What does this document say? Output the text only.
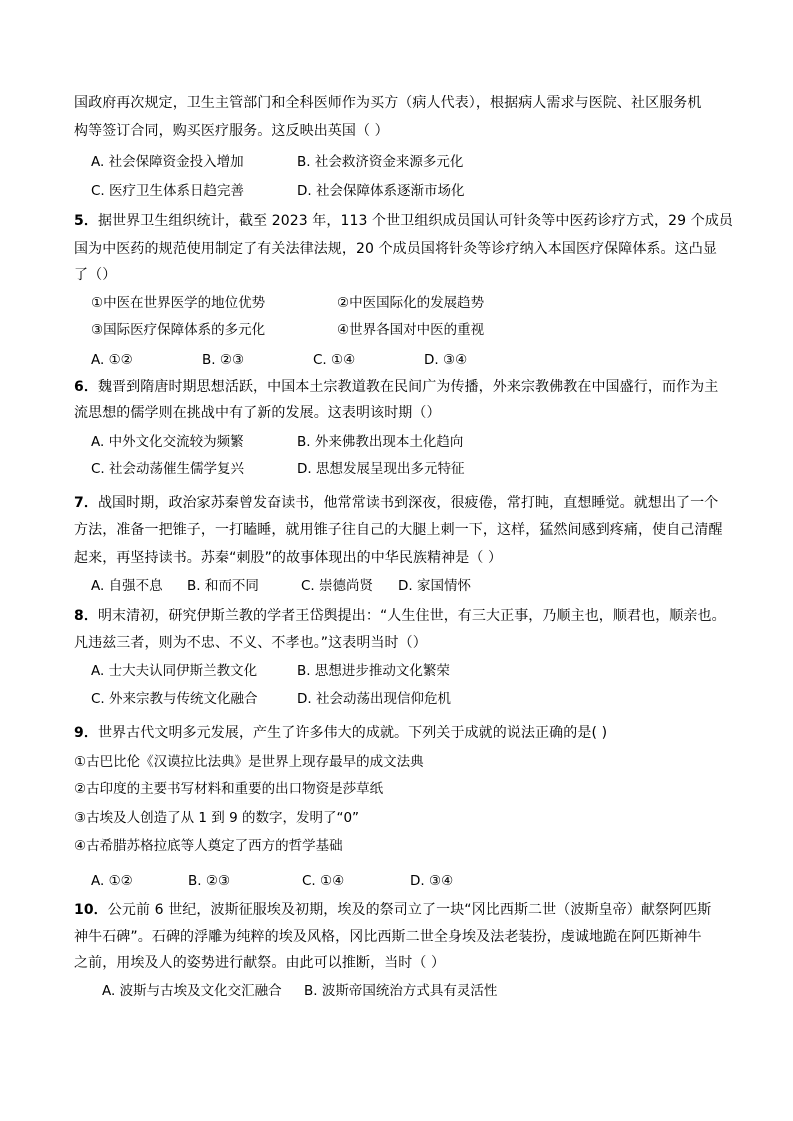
国政府再次规定，卫生主管部门和全科医师作为买方（病人代表），根据病人需求与医院、社区服务机
构等签订合同，购买医疗服务。这反映出英国（ ）
A. 社会保障资金投入增加	B. 社会救济资金来源多元化
C. 医疗卫生体系日趋完善	D. 社会保障体系逐渐市场化
5．据世界卫生组织统计，截至 2023 年，113 个世卫组织成员国认可针灸等中医药诊疗方式，29 个成员
国为中医药的规范使用制定了有关法律法规，20 个成员国将针灸等诊疗纳入本国医疗保障体系。这凸显
了（）
①中医在世界医学的地位优势	②中医国际化的发展趋势
③国际医疗保障体系的多元化	④世界各国对中医的重视
A. ①②	B. ②③	C. ①④	D. ③④
6．魏晋到隋唐时期思想活跃，中国本土宗教道教在民间广为传播，外来宗教佛教在中国盛行，而作为主
流思想的儒学则在挑战中有了新的发展。这表明该时期（）
A. 中外文化交流较为频繁	B. 外来佛教出现本土化趋向
C. 社会动荡催生儒学复兴	D. 思想发展呈现出多元特征
7．战国时期，政治家苏秦曾发奋读书，他常常读书到深夜，很疲倦，常打盹，直想睡觉。就想出了一个
方法，准备一把锥子，一打瞌睡，就用锥子往自己的大腿上刺一下，这样，猛然间感到疼痛，使自己清醒
起来，再坚持读书。苏秦“刺股”的故事体现出的中华民族精神是（ ）
A. 自强不息 B. 和而不同	C. 崇德尚贤 D. 家国情怀
8．明末清初，研究伊斯兰教的学者王岱舆提出：“人生住世，有三大正事，乃顺主也，顺君也，顺亲也。
凡违兹三者，则为不忠、不义、不孝也。”这表明当时（）
A. 士大夫认同伊斯兰教文化	B. 思想进步推动文化繁荣
C. 外来宗教与传统文化融合	D. 社会动荡出现信仰危机
9．世界古代文明多元发展，产生了许多伟大的成就。下列关于成就的说法正确的是( )
①古巴比伦《汉谟拉比法典》是世界上现存最早的成文法典
②古印度的主要书写材料和重要的出口物资是莎草纸
③古埃及人创造了从 1 到 9 的数字，发明了“0”
④古希腊苏格拉底等人奠定了西方的哲学基础
A. ①②	B. ②③	C. ①④	D. ③④
10．公元前 6 世纪，波斯征服埃及初期，埃及的祭司立了一块“冈比西斯二世（波斯皇帝）献祭阿匹斯
神牛石碑”。石碑的浮雕为纯粹的埃及风格，冈比西斯二世全身埃及法老装扮，虔诚地跪在阿匹斯神牛
之前，用埃及人的姿势进行献祭。由此可以推断，当时（ ）
A. 波斯与古埃及文化交汇融合 B. 波斯帝国统治方式具有灵活性
